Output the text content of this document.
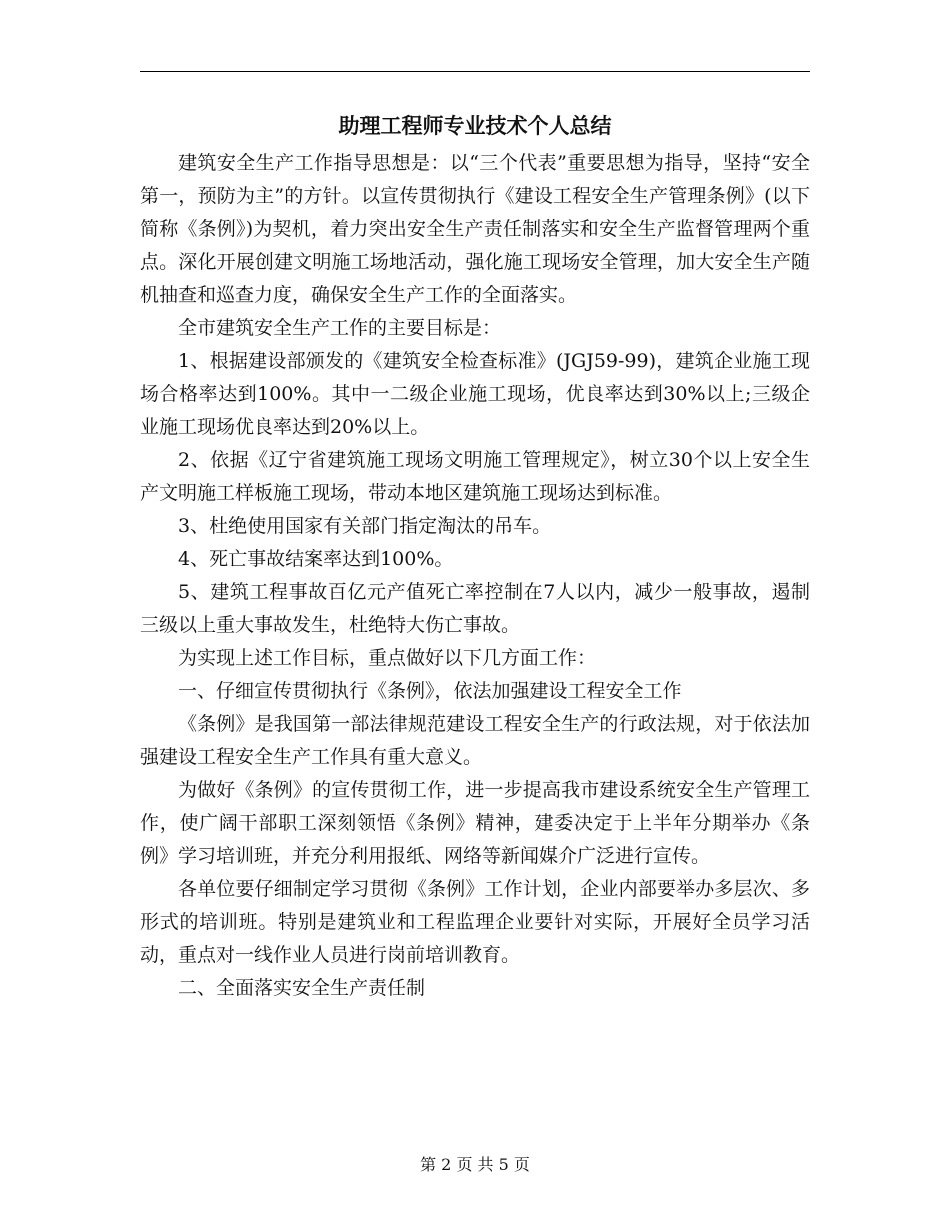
助理工程师专业技术个人总结

建筑安全生产工作指导思想是：以“三个代表”重要思想为指导，坚持“安全第一，预防为主”的方针。以宣传贯彻执行《建设工程安全生产管理条例》(以下简称《条例》)为契机，着力突出安全生产责任制落实和安全生产监督管理两个重点。深化开展创建文明施工场地活动，强化施工现场安全管理，加大安全生产随机抽查和巡查力度，确保安全生产工作的全面落实。

全市建筑安全生产工作的主要目标是：

1、根据建设部颁发的《建筑安全检查标准》(JGJ59-99)，建筑企业施工现场合格率达到100%。其中一二级企业施工现场，优良率达到30%以上;三级企业施工现场优良率达到20%以上。

2、依据《辽宁省建筑施工现场文明施工管理规定》，树立30个以上安全生产文明施工样板施工现场，带动本地区建筑施工现场达到标准。

3、杜绝使用国家有关部门指定淘汰的吊车。

4、死亡事故结案率达到100%。

5、建筑工程事故百亿元产值死亡率控制在7人以内，减少一般事故，遏制三级以上重大事故发生，杜绝特大伤亡事故。

为实现上述工作目标，重点做好以下几方面工作：

一、仔细宣传贯彻执行《条例》，依法加强建设工程安全工作

《条例》是我国第一部法律规范建设工程安全生产的行政法规，对于依法加强建设工程安全生产工作具有重大意义。

为做好《条例》的宣传贯彻工作，进一步提高我市建设系统安全生产管理工作，使广阔干部职工深刻领悟《条例》精神，建委决定于上半年分期举办《条例》学习培训班，并充分利用报纸、网络等新闻媒介广泛进行宣传。

各单位要仔细制定学习贯彻《条例》工作计划，企业内部要举办多层次、多形式的培训班。特别是建筑业和工程监理企业要针对实际，开展好全员学习活动，重点对一线作业人员进行岗前培训教育。

二、全面落实安全生产责任制

第 2 页 共 5 页
